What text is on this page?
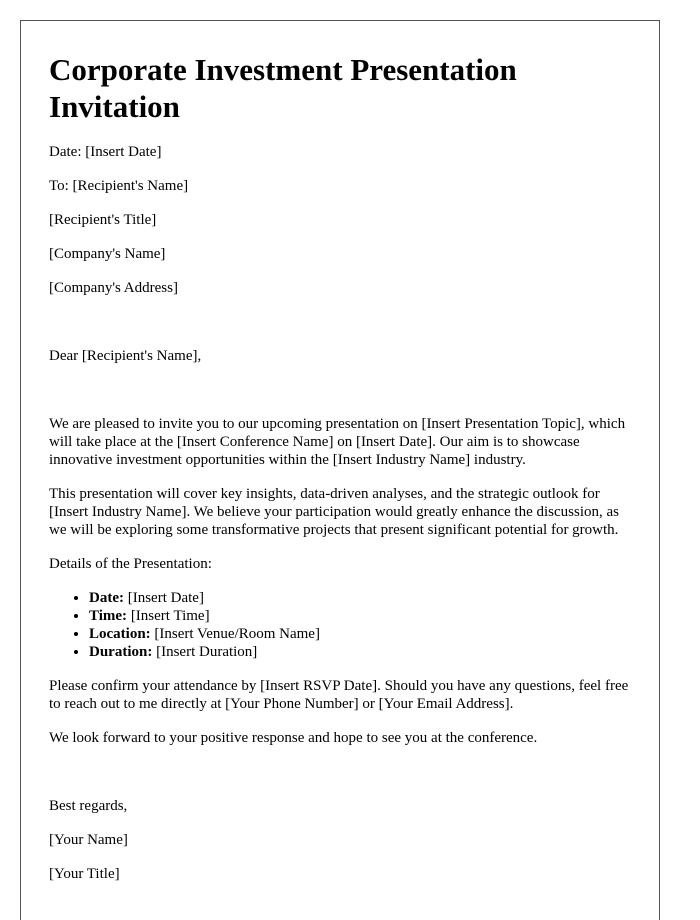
Corporate Investment Presentation Invitation

Date: [Insert Date]

To: [Recipient's Name]

[Recipient's Title]

[Company's Name]

[Company's Address]

Dear [Recipient's Name],

We are pleased to invite you to our upcoming presentation on [Insert Presentation Topic], which will take place at the [Insert Conference Name] on [Insert Date]. Our aim is to showcase innovative investment opportunities within the [Insert Industry Name] industry.

This presentation will cover key insights, data-driven analyses, and the strategic outlook for [Insert Industry Name]. We believe your participation would greatly enhance the discussion, as we will be exploring some transformative projects that present significant potential for growth.

Details of the Presentation:

• Date: [Insert Date]
• Time: [Insert Time]
• Location: [Insert Venue/Room Name]
• Duration: [Insert Duration]

Please confirm your attendance by [Insert RSVP Date]. Should you have any questions, feel free to reach out to me directly at [Your Phone Number] or [Your Email Address].

We look forward to your positive response and hope to see you at the conference.

Best regards,

[Your Name]

[Your Title]
